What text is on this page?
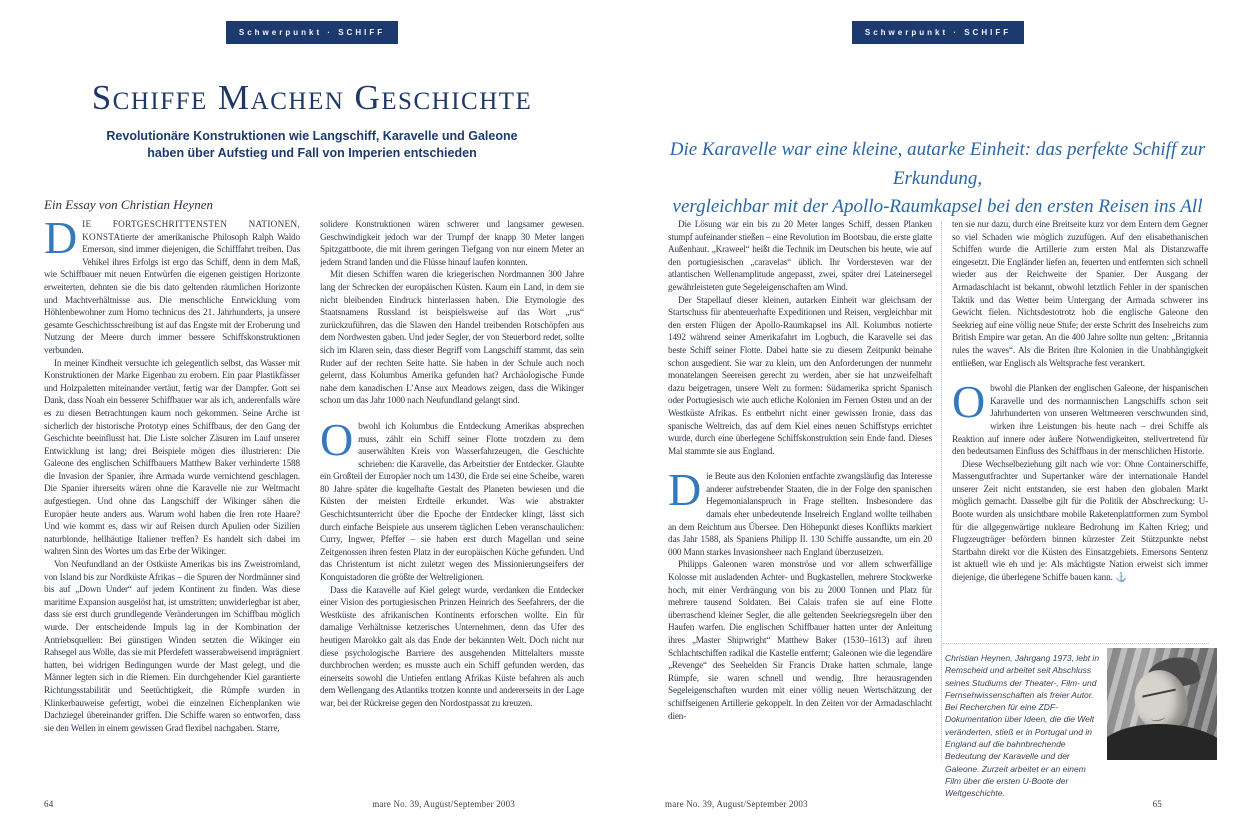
Schwerpunkt · SCHIFF
Schiffe Machen Geschichte

Revolutionäre Konstruktionen wie Langschiff, Karavelle und Galeone
haben über Aufstieg und Fall von Imperien entschieden

Ein Essay von Christian Heynen

DIE FORTGESCHRITTENSTEN NATIONEN, KONSTAtierte der amerikanische Philosoph Ralph Waldo Emerson, sind immer diejenigen, die Schifffahrt treiben. Das Vehikel ihres Erfolgs ist ergo das Schiff, denn in dem Maß, wie Schiffbauer mit neuen Entwürfen die eigenen geistigen Horizonte erweiterten, dehnten sie die bis dato geltenden räumlichen Horizonte und Machtverhältnisse aus. Die menschliche Entwicklung vom Höhlenbewohner zum Homo technicus des 21. Jahrhunderts, ja unsere gesamte Geschichtsschreibung ist auf das Engste mit der Eroberung und Nutzung der Meere durch immer bessere Schiffskonstruktionen verbunden.

In meiner Kindheit versuchte ich gelegentlich selbst, das Wasser mit Konstruktionen der Marke Eigenbau zu erobern. Ein paar Plastikfässer und Holzpaletten miteinander vertäut, fertig war der Dampfer. Gott sei Dank, dass Noah ein besserer Schiffbauer war als ich, anderenfalls wäre es zu diesen Betrachtungen kaum noch gekommen. Seine Arche ist sicherlich der historische Prototyp eines Schiffbaus, der den Gang der Geschichte beeinflusst hat. Die Liste solcher Zäsuren im Lauf unserer Entwicklung ist lang; drei Beispiele mögen dies illustrieren: Die Galeone des englischen Schiffbauers Matthew Baker verhinderte 1588 die Invasion der Spanier, ihre Armada wurde vernichtend geschlagen. Die Spanier ihrerseits wären ohne die Karavelle nie zur Weltmacht aufgestiegen. Und ohne das Langschiff der Wikinger sähen die Europäer heute anders aus. Warum wohl haben die Iren rote Haare? Und wie kommt es, dass wir auf Reisen durch Apulien oder Sizilien naturblonde, hellhäutige Italiener treffen? Es handelt sich dabei im wahren Sinn des Wortes um das Erbe der Wikinger.

Von Neufundland an der Ostküste Amerikas bis ins Zweistromland, von Island bis zur Nordküste Afrikas – die Spuren der Nordmänner sind bis auf „Down Under“ auf jedem Kontinent zu finden. Was diese maritime Expansion ausgelöst hat, ist umstritten; unwiderlegbar ist aber, dass sie erst durch grundlegende Veränderungen im Schiffbau möglich wurde. Der entscheidende Impuls lag in der Kombination der Antriebsquellen: Bei günstigen Winden setzten die Wikinger ein Rahsegel aus Wolle, das sie mit Pferdefett wasserabweisend imprägniert hatten, bei widrigen Bedingungen wurde der Mast gelegt, und die Männer legten sich in die Riemen. Ein durchgehender Kiel garantierte Richtungsstabilität und Seetüchtigkeit, die Rümpfe wurden in Klinkerbauweise gefertigt, wobei die einzelnen Eichenplanken wie Dachziegel übereinander griffen. Die Schiffe waren so entworfen, dass sie den Wellen in einem gewissen Grad flexibel nachgaben. Starre,

solidere Konstruktionen wären schwerer und langsamer gewesen. Geschwindigkeit jedoch war der Trumpf der knapp 30 Meter langen Spitzgattboote, die mit ihrem geringen Tiefgang von nur einem Meter an jedem Strand landen und die Flüsse hinauf laufen konnten.

Mit diesen Schiffen waren die kriegerischen Nordmannen 300 Jahre lang der Schrecken der europäischen Küsten. Kaum ein Land, in dem sie nicht bleibenden Eindruck hinterlassen haben. Die Etymologie des Staatsnamens Russland ist beispielsweise auf das Wort „rus“ zurückzuführen, das die Slawen den Handel treibenden Rotschöpfen aus dem Nordwesten gaben. Und jeder Segler, der von Steuerbord redet, sollte sich im Klaren sein, dass dieser Begriff vom Langschiff stammt, das sein Ruder auf der rechten Seite hatte. Sie haben in der Schule auch noch gelernt, dass Kolumbus Amerika gefunden hat? Archäologische Funde nahe dem kanadischen L’Anse aux Meadows zeigen, dass die Wikinger schon um das Jahr 1000 nach Neufundland gelangt sind.

Obwohl ich Kolumbus die Entdeckung Amerikas absprechen muss, zählt ein Schiff seiner Flotte trotzdem zu dem auserwählten Kreis von Wasserfahrzeugen, die Geschichte schrieben: die Karavelle, das Arbeitstier der Entdecker. Glaubte ein Großteil der Europäer noch um 1430, die Erde sei eine Scheibe, waren 80 Jahre später die kugelhafte Gestalt des Planeten bewiesen und die Küsten der meisten Erdteile erkundet. Was wie abstrakter Geschichtsunterricht über die Epoche der Entdecker klingt, lässt sich durch einfache Beispiele aus unserem täglichen Leben veranschaulichen: Curry, Ingwer, Pfeffer – sie haben erst durch Magellan und seine Zeitgenossen ihren festen Platz in der europäischen Küche gefunden. Und das Christentum ist nicht zuletzt wegen des Missionierungseifers der Konquistadoren die größte der Weltreligionen.

Dass die Karavelle auf Kiel gelegt wurde, verdanken die Entdecker einer Vision des portugiesischen Prinzen Heinrich des Seefahrers, der die Westküste des afrikanischen Kontinents erforschen wollte. Ein für damalige Verhältnisse ketzerisches Unternehmen, denn das Ufer des heutigen Marokko galt als das Ende der bekannten Welt. Doch nicht nur diese psychologische Barriere des ausgehenden Mittelalters musste durchbrochen werden; es musste auch ein Schiff gefunden werden, das einerseits sowohl die Untiefen entlang Afrikas Küste befahren als auch dem Wellengang des Atlantiks trotzen konnte und andererseits in der Lage war, bei der Rückreise gegen den Nordostpassat zu kreuzen.

64	mare No. 39, August/September 2003
Schwerpunkt · SCHIFF

Die Karavelle war eine kleine, autarke Einheit: das perfekte Schiff zur Erkundung,
vergleichbar mit der Apollo-Raumkapsel bei den ersten Reisen ins All

Die Lösung war ein bis zu 20 Meter langes Schiff, dessen Planken stumpf aufeinander stießen – eine Revolution im Bootsbau, die erste glatte Außenhaut. „Kraweel“ heißt die Technik im Deutschen bis heute, wie auf den portugiesischen „caravelas“ üblich. Ihr Vordersteven war der atlantischen Wellenamplitude angepasst, zwei, später drei Lateinersegel gewährleisteten gute Segeleigenschaften am Wind.

Der Stapellauf dieser kleinen, autarken Einheit war gleichsam der Startschuss für abenteuerhafte Expeditionen und Reisen, vergleichbar mit den ersten Flügen der Apollo-Raumkapsel ins All. Kolumbus notierte 1492 während seiner Amerikafahrt im Logbuch, die Karavelle sei das beste Schiff seiner Flotte. Dabei hatte sie zu diesem Zeitpunkt beinahe schon ausgedient. Sie war zu klein, um den Anforderungen der nunmehr monatelangen Seereisen gerecht zu werden, aber sie hat unzweifelhaft dazu beigetragen, unsere Welt zu formen: Südamerika spricht Spanisch oder Portugiesisch wie auch etliche Kolonien im Fernen Osten und an der Westküste Afrikas. Es entbehrt nicht einer gewissen Ironie, dass das spanische Weltreich, das auf dem Kiel eines neuen Schiffstyps errichtet wurde, durch eine überlegene Schiffskonstruktion sein Ende fand. Dieses Mal stammte sie aus England.

Die Beute aus den Kolonien entfachte zwangsläufig das Interesse anderer aufstrebender Staaten, die in der Folge den spanischen Hegemonialanspruch in Frage stellten. Insbesondere das damals eher unbedeutende Inselreich England wollte teilhaben an dem Reichtum aus Übersee. Den Höhepunkt dieses Konflikts markiert das Jahr 1588, als Spaniens Philipp II. 130 Schiffe aussandte, um ein 20 000 Mann starkes Invasionsheer nach England überzusetzen.

Philipps Galeonen waren monströse und vor allem schwerfällige Kolosse mit ausladenden Achter- und Bugkastellen, mehrere Stockwerke hoch, mit einer Verdrängung von bis zu 2000 Tonnen und Platz für mehrere tausend Soldaten. Bei Calais trafen sie auf eine Flotte überraschend kleiner Segler, die alle geltenden Seekriegsregeln über den Haufen warfen. Die englischen Schiffbauer hatten unter der Anleitung ihres „Master Shipwright“ Matthew Baker (1530–1613) auf ihren Schlachtschiffen radikal die Kastelle entfernt; Galeonen wie die legendäre „Revenge“ des Seehelden Sir Francis Drake hatten schmale, lange Rümpfe, sie waren schnell und wendig. Ihre herausragenden Segeleigenschaften wurden mit einer völlig neuen Wertschätzung der schiffseigenen Artillerie gekoppelt. In den Zeiten vor der Armadaschlacht dien-

ten sie nur dazu, durch eine Breitseite kurz vor dem Entern dem Gegner so viel Schaden wie möglich zuzufügen. Auf den elisabethanischen Schiffen wurde die Artillerie zum ersten Mal als Distanzwaffe eingesetzt. Die Engländer liefen an, feuerten und entfernten sich schnell wieder aus der Reichweite der Spanier. Der Ausgang der Armadaschlacht ist bekannt, obwohl letztlich Fehler in der spanischen Taktik und das Wetter beim Untergang der Armada schwerer ins Gewicht fielen. Nichtsdestotrotz hob die englische Galeone den Seekrieg auf eine völlig neue Stufe; der erste Schritt des Inselreichs zum British Empire war getan. An die 400 Jahre sollte nun gelten: „Britannia rules the waves“. Als die Briten ihre Kolonien in die Unabhängigkeit entließen, war Englisch als Weltsprache fest verankert.

Obwohl die Planken der englischen Galeone, der hispanischen Karavelle und des normannischen Langschiffs schon seit Jahrhunderten von unseren Weltmeeren verschwunden sind, wirken ihre Leistungen bis heute nach – drei Schiffe als Reaktion auf innere oder äußere Notwendigkeiten, stellvertretend für den bedeutsamen Einfluss des Schiffbaus in der menschlichen Historie.

Diese Wechselbeziehung gilt nach wie vor: Ohne Containerschiffe, Massengutfrachter und Supertanker wäre der internationale Handel unserer Zeit nicht entstanden, sie erst haben den globalen Markt möglich gemacht. Dasselbe gilt für die Politik der Abschreckung: U-Boote wurden als unsichtbare mobile Raketenplattformen zum Symbol für die allgegenwärtige nukleare Bedrohung im Kalten Krieg; und Flugzeugträger befördern binnen kürzester Zeit Stützpunkte nebst Startbahn direkt vor die Küsten des Einsatzgebiets. Emersons Sentenz ist aktuell wie eh und je: Als mächtigste Nation erweist sich immer diejenige, die überlegene Schiffe bauen kann. ⚓

Christian Heynen, Jahrgang 1973, lebt in Remscheid und arbeitet seit Abschluss seines Studiums der Theater-, Film- und Fernsehwissenschaften als freier Autor. Bei Recherchen für eine ZDF-Dokumentation über Ideen, die die Welt veränderten, stieß er in Portugal und in England auf die bahnbrechende Bedeutung der Karavelle und der Galeone. Zurzeit arbeitet er an einem Film über die ersten U-Boote der Weltgeschichte.

mare No. 39, August/September 2003	65
